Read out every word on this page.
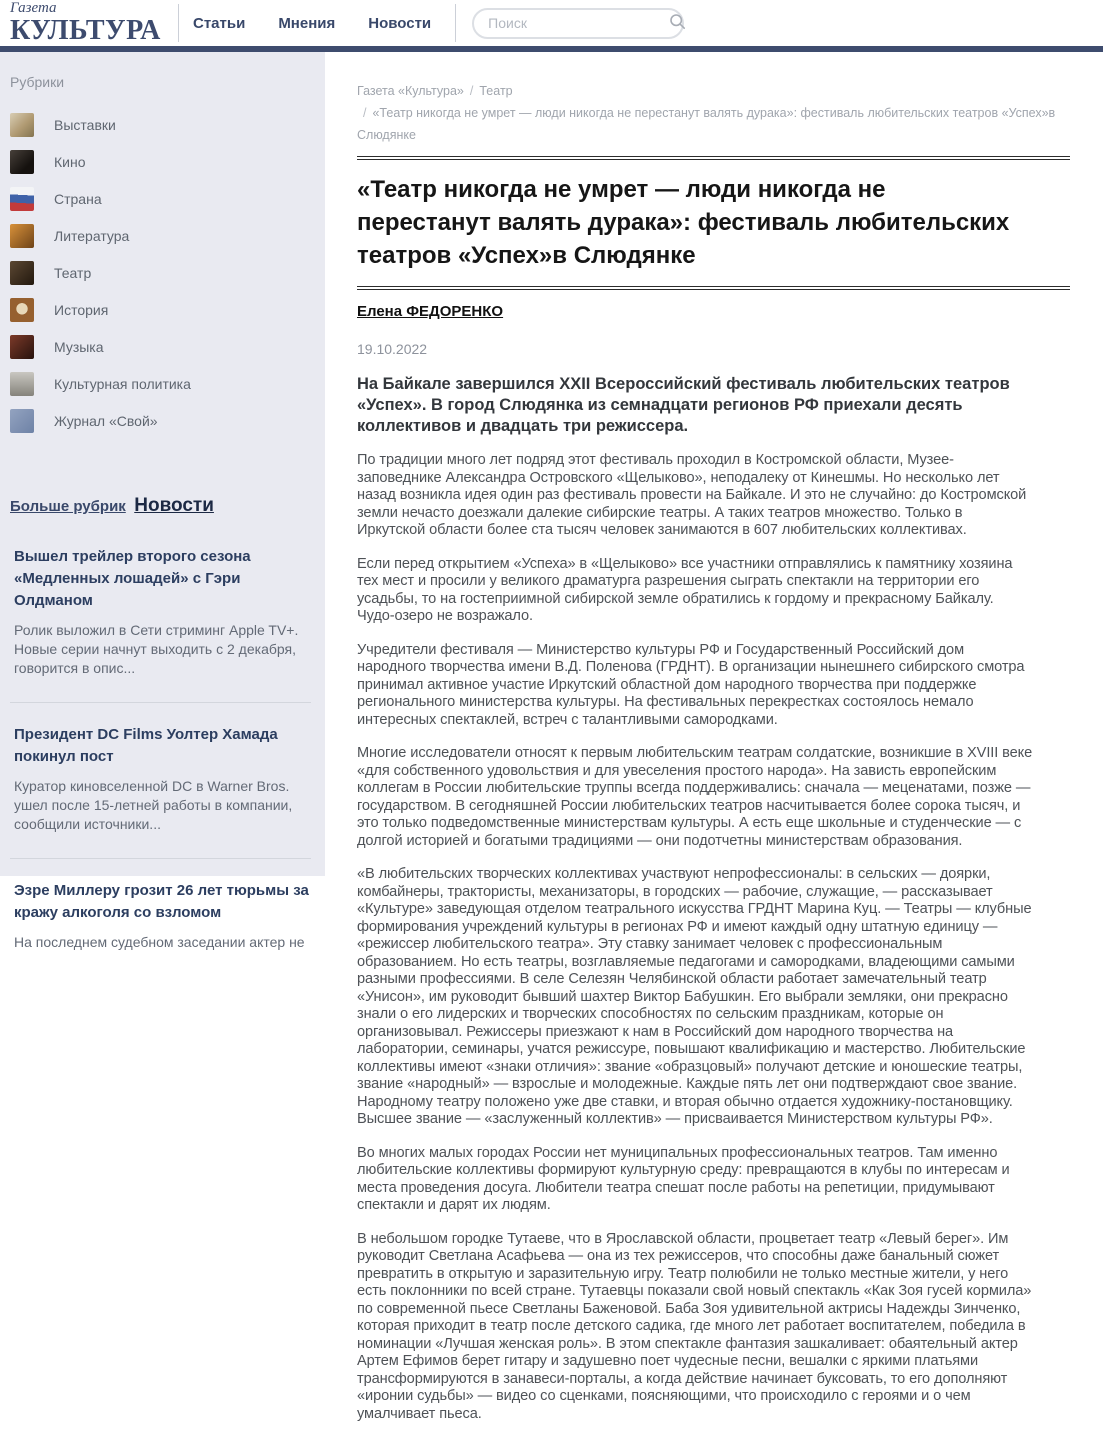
Газета
КУЛЬТУРА	Статьи Мнения Новости
Поиск
Рубрики
Выставки
Кино
Страна
Литература
Театр
История
Музыка
Культурная политика
Журнал «Свой»
Больше рубрик Новости
Вышел трейлер второго сезона «Медленных лошадей» с Гэри Олдманом

Ролик выложил в Сети стриминг Apple TV+. Новые серии начнут выходить с 2 декабря, говорится в опис...

Президент DC Films Уолтер Хамада покинул пост

Куратор киновселенной DC в Warner Bros. ушел после 15-летней работы в компании, сообщили источники...

Эзре Миллеру грозит 26 лет тюрьмы за кражу алкоголя со взломом

На последнем судебном заседании актер не

Газета «Культура» / Театр
/ «Театр никогда не умрет — люди никогда не перестанут валять дурака»: фестиваль любительских театров «Успех»в Слюдянке
«Театр никогда не умрет — люди никогда не перестанут валять дурака»: фестиваль любительских театров «Успех»в Слюдянке
Елена ФЕДОРЕНКО
19.10.2022

На Байкале завершился XXII Всероссийский фестиваль любительских театров «Успех». В город Слюдянка из семнадцати регионов РФ приехали десять коллективов и двадцать три режиссера.

По традиции много лет подряд этот фестиваль проходил в Костромской области, Музее-заповеднике Александра Островского «Щелыково», неподалеку от Кинешмы. Но несколько лет назад возникла идея один раз фестиваль провести на Байкале. И это не случайно: до Костромской земли нечасто доезжали далекие сибирские театры. А таких театров множество. Только в Иркутской области более ста тысяч человек занимаются в 607 любительских коллективах.

Если перед открытием «Успеха» в «Щелыково» все участники отправлялись к памятнику хозяина тех мест и просили у великого драматурга разрешения сыграть спектакли на территории его усадьбы, то на гостеприимной сибирской земле обратились к гордому и прекрасному Байкалу. Чудо-озеро не возражало.

Учредители фестиваля — Министерство культуры РФ и Государственный Российский дом народного творчества имени В.Д. Поленова (ГРДНТ). В организации нынешнего сибирского смотра принимал активное участие Иркутский областной дом народного творчества при поддержке регионального министерства культуры. На фестивальных перекрестках состоялось немало интересных спектаклей, встреч с талантливыми самородками.

Многие исследователи относят к первым любительским театрам солдатские, возникшие в XVIII веке «для собственного удовольствия и для увеселения простого народа». На зависть европейским коллегам в России любительские труппы всегда поддерживались: сначала — меценатами, позже — государством. В сегодняшней России любительских театров насчитывается более сорока тысяч, и это только подведомственные министерствам культуры. А есть еще школьные и студенческие — с долгой историей и богатыми традициями — они подотчетны министерствам образования.

«В любительских творческих коллективах участвуют непрофессионалы: в сельских — доярки, комбайнеры, трактористы, механизаторы, в городских — рабочие, служащие, — рассказывает «Культуре» заведующая отделом театрального искусства ГРДНТ Марина Куц. — Театры — клубные формирования учреждений культуры в регионах РФ и имеют каждый одну штатную единицу — «режиссер любительского театра». Эту ставку занимает человек с профессиональным образованием. Но есть театры, возглавляемые педагогами и самородками, владеющими самыми разными профессиями. В селе Селезян Челябинской области работает замечательный театр «Унисон», им руководит бывший шахтер Виктор Бабушкин. Его выбрали земляки, они прекрасно знали о его лидерских и творческих способностях по сельским праздникам, которые он организовывал. Режиссеры приезжают к нам в Российский дом народного творчества на лаборатории, семинары, учатся режиссуре, повышают квалификацию и мастерство. Любительские коллективы имеют «знаки отличия»: звание «образцовый» получают детские и юношеские театры, звание «народный» — взрослые и молодежные. Каждые пять лет они подтверждают свое звание. Народному театру положено уже две ставки, и вторая обычно отдается художнику-постановщику. Высшее звание — «заслуженный коллектив» — присваивается Министерством культуры РФ».

Во многих малых городах России нет муниципальных профессиональных театров. Там именно любительские коллективы формируют культурную среду: превращаются в клубы по интересам и места проведения досуга. Любители театра спешат после работы на репетиции, придумывают спектакли и дарят их людям.

В небольшом городке Тутаеве, что в Ярославской области, процветает театр «Левый берег». Им руководит Светлана Асафьева — она из тех режиссеров, что способны даже банальный сюжет превратить в открытую и заразительную игру. Театр полюбили не только местные жители, у него есть поклонники по всей стране. Тутаевцы показали свой новый спектакль «Как Зоя гусей кормила» по современной пьесе Светланы Баженовой. Баба Зоя удивительной актрисы Надежды Зинченко, которая приходит в театр после детского садика, где много лет работает воспитателем, победила в номинации «Лучшая женская роль». В этом спектакле фантазия зашкаливает: обаятельный актер Артем Ефимов берет гитару и задушевно поет чудесные песни, вешалки с яркими платьями трансформируются в занавеси-порталы, а когда действие начинает буксовать, то его дополняют «иронии судьбы» — видео со сценками, поясняющими, что происходило с героями и о чем умалчивает пьеса.
